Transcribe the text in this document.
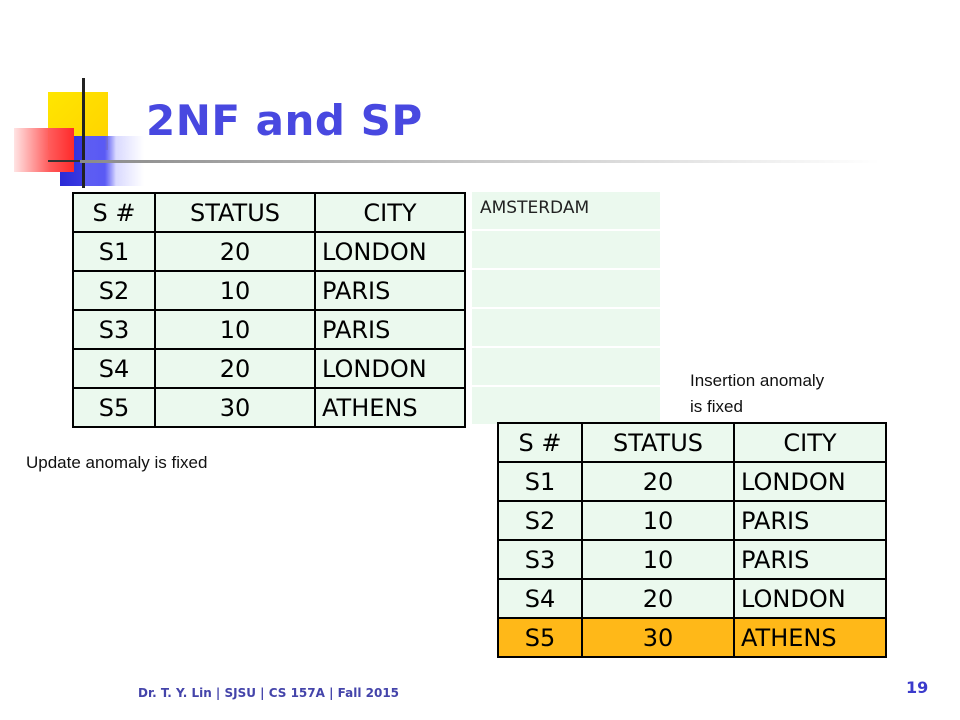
2NF and SP
AMSTERDAM
S #	STATUS	CITY
S1	20	LONDON
S2	10	PARIS
S3	10	PARIS
S4	20	LONDON
S5	30	ATHENS
Update anomaly is fixed
Insertion anomaly
is fixed
S #	STATUS	CITY
S1	20	LONDON
S2	10	PARIS
S3	10	PARIS
S4	20	LONDON
S5	30	ATHENS
Dr. T. Y. Lin | SJSU | CS 157A | Fall 2015	19
